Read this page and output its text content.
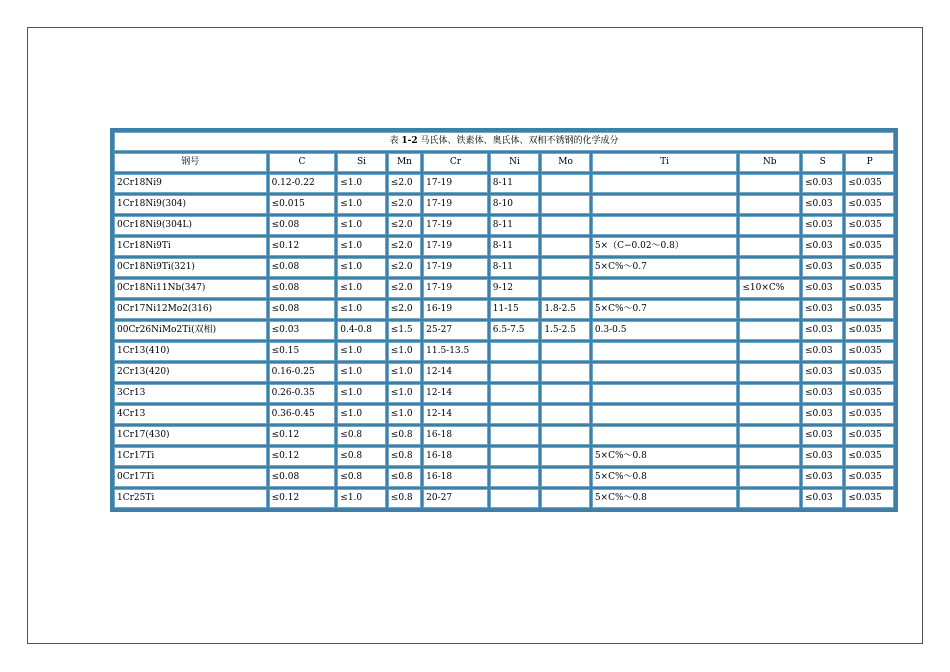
表 1-2 马氏体、铁素体、奥氏体、双相不锈钢的化学成分										
钢号	C	Si	Mn	Cr	Ni	Mo	Ti	Nb	S	P
2Cr18Ni9	0.12-0.22	≤1.0	≤2.0	17-19	8-11				≤0.03	≤0.035
1Cr18Ni9(304)	≤0.015	≤1.0	≤2.0	17-19	8-10				≤0.03	≤0.035
0Cr18Ni9(304L)	≤0.08	≤1.0	≤2.0	17-19	8-11				≤0.03	≤0.035
1Cr18Ni9Ti	≤0.12	≤1.0	≤2.0	17-19	8-11		5×（C−0.02～0.8）		≤0.03	≤0.035
0Cr18Ni9Ti(321)	≤0.08	≤1.0	≤2.0	17-19	8-11		5×C%～0.7		≤0.03	≤0.035
0Cr18Ni11Nb(347)	≤0.08	≤1.0	≤2.0	17-19	9-12			≤10×C%	≤0.03	≤0.035
0Cr17Ni12Mo2(316)	≤0.08	≤1.0	≤2.0	16-19	11-15	1.8-2.5	5×C%～0.7		≤0.03	≤0.035
00Cr26NiMo2Ti(双相)	≤0.03	0.4-0.8	≤1.5	25-27	6.5-7.5	1.5-2.5	0.3-0.5		≤0.03	≤0.035
1Cr13(410)	≤0.15	≤1.0	≤1.0	11.5-13.5					≤0.03	≤0.035
2Cr13(420)	0.16-0.25	≤1.0	≤1.0	12-14					≤0.03	≤0.035
3Cr13	0.26-0.35	≤1.0	≤1.0	12-14					≤0.03	≤0.035
4Cr13	0.36-0.45	≤1.0	≤1.0	12-14					≤0.03	≤0.035
1Cr17(430)	≤0.12	≤0.8	≤0.8	16-18					≤0.03	≤0.035
1Cr17Ti	≤0.12	≤0.8	≤0.8	16-18			5×C%～0.8		≤0.03	≤0.035
0Cr17Ti	≤0.08	≤0.8	≤0.8	16-18			5×C%～0.8		≤0.03	≤0.035
1Cr25Ti	≤0.12	≤1.0	≤0.8	20-27			5×C%～0.8		≤0.03	≤0.035
